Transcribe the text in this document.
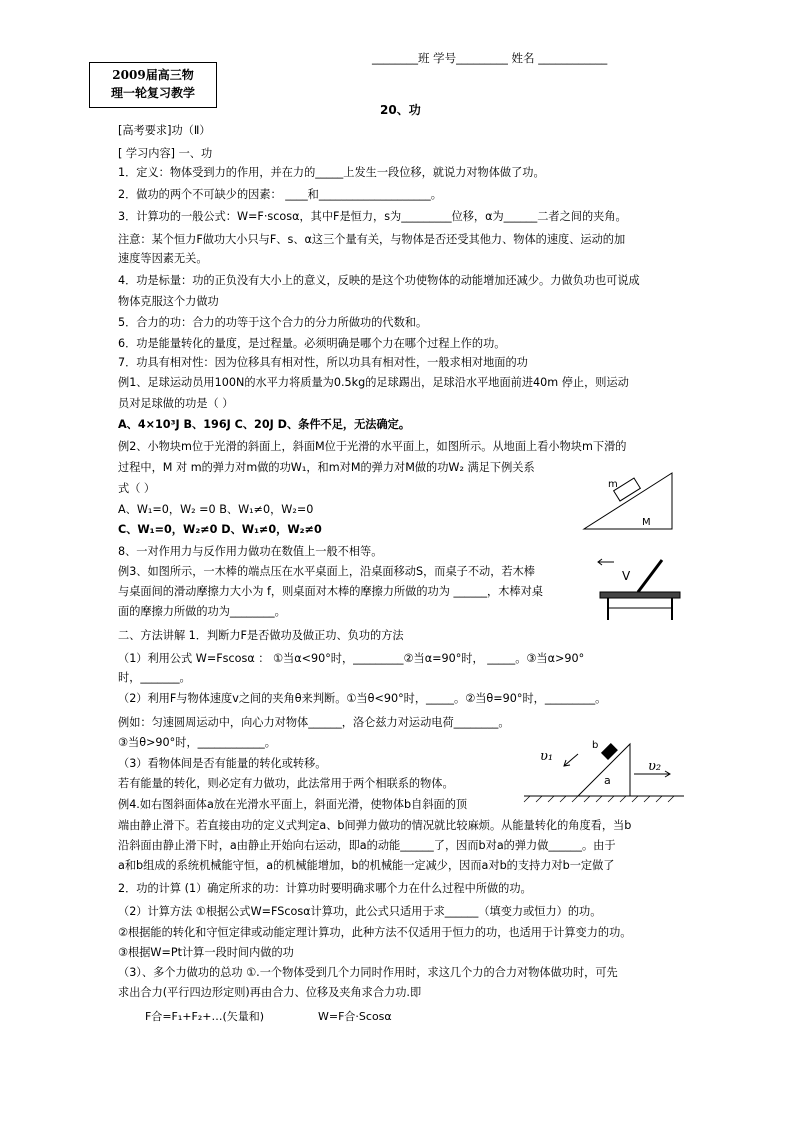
________班 学号_________ 姓名 ____________
2009届高三物
理一轮复习教学
20、功
[高考要求]功（Ⅱ）
[ 学习内容] 一、功
1．定义：物体受到力的作用，并在力的_____上发生一段位移，就说力对物体做了功。
2．做功的两个不可缺少的因素： ____和____________________。
3．计算功的一般公式：W=F·scosα，其中F是恒力，s为_________位移，α为______二者之间的夹角。
注意：某个恒力F做功大小只与F、s、α这三个量有关，与物体是否还受其他力、物体的速度、运动的加
速度等因素无关。
4．功是标量：功的正负没有大小上的意义，反映的是这个功使物体的动能增加还减少。力做负功也可说成
物体克服这个力做功
5．合力的功：合力的功等于这个合力的分力所做功的代数和。
6．功是能量转化的量度，是过程量。必须明确是哪个力在哪个过程上作的功。
7．功具有相对性：因为位移具有相对性，所以功具有相对性，一般求相对地面的功
例1、足球运动员用100N的水平力将质量为0.5kg的足球踢出，足球沿水平地面前进40m 停止，则运动
员对足球做的功是（ ）
A、4×10³J B、196J C、20J D、条件不足，无法确定。
例2、小物块m位于光滑的斜面上，斜面M位于光滑的水平面上，如图所示。从地面上看小物块m下滑的
过程中，M 对 m的弹力对m做的功W₁，和m对M的弹力对M做的功W₂ 满足下例关系
式（ ）
A、W₁=0，W₂ =0 B、W₁≠0，W₂=0
C、W₁=0，W₂≠0 D、W₁≠0，W₂≠0
8、一对作用力与反作用力做功在数值上一般不相等。
例3、如图所示，一木棒的端点压在水平桌面上，沿桌面移动S，而桌子不动，若木棒
与桌面间的滑动摩擦力大小为 f，则桌面对木棒的摩擦力所做的功为 ______，木棒对桌
面的摩擦力所做的功为________。
二、方法讲解 1．判断力F是否做功及做正功、负功的方法
（1）利用公式 W=Fscosα ： ①当α<90°时，_________②当α=90°时， _____。③当α>90°
时，_______。
（2）利用F与物体速度v之间的夹角θ来判断。①当θ<90°时，_____。②当θ=90°时，_________。
例如：匀速圆周运动中，向心力对物体______，洛仑兹力对运动电荷________。
③当θ>90°时，____________。
（3）看物体间是否有能量的转化或转移。
若有能量的转化，则必定有力做功，此法常用于两个相联系的物体。
例4.如右图斜面体a放在光滑水平面上，斜面光滑，使物体b自斜面的顶
端由静止滑下。若直接由功的定义式判定a、b间弹力做功的情况就比较麻烦。从能量转化的角度看，当b
沿斜面由静止滑下时，a由静止开始向右运动，即a的动能______了，因而b对a的弹力做______。由于
a和b组成的系统机械能守恒，a的机械能增加，b的机械能一定减少，因而a对b的支持力对b一定做了
2．功的计算 (1）确定所求的功：计算功时要明确求哪个力在什么过程中所做的功。
（2）计算方法 ①根据公式W=FScosα计算功，此公式只适用于求______（填变力或恒力）的功。
②根据能的转化和守恒定律或动能定理计算功，此种方法不仅适用于恒力的功，也适用于计算变力的功。
③根据W=Pt计算一段时间内做的功
（3）、多个力做功的总功 ①.一个物体受到几个力同时作用时，求这几个力的合力对物体做功时，可先
求出合力(平行四边形定则)再由合力、位移及夹角求合力功.即
F合=F₁+F₂+…(矢量和)	W=F合·Scosα
m
M
V
b
a
υ₁
υ₂
